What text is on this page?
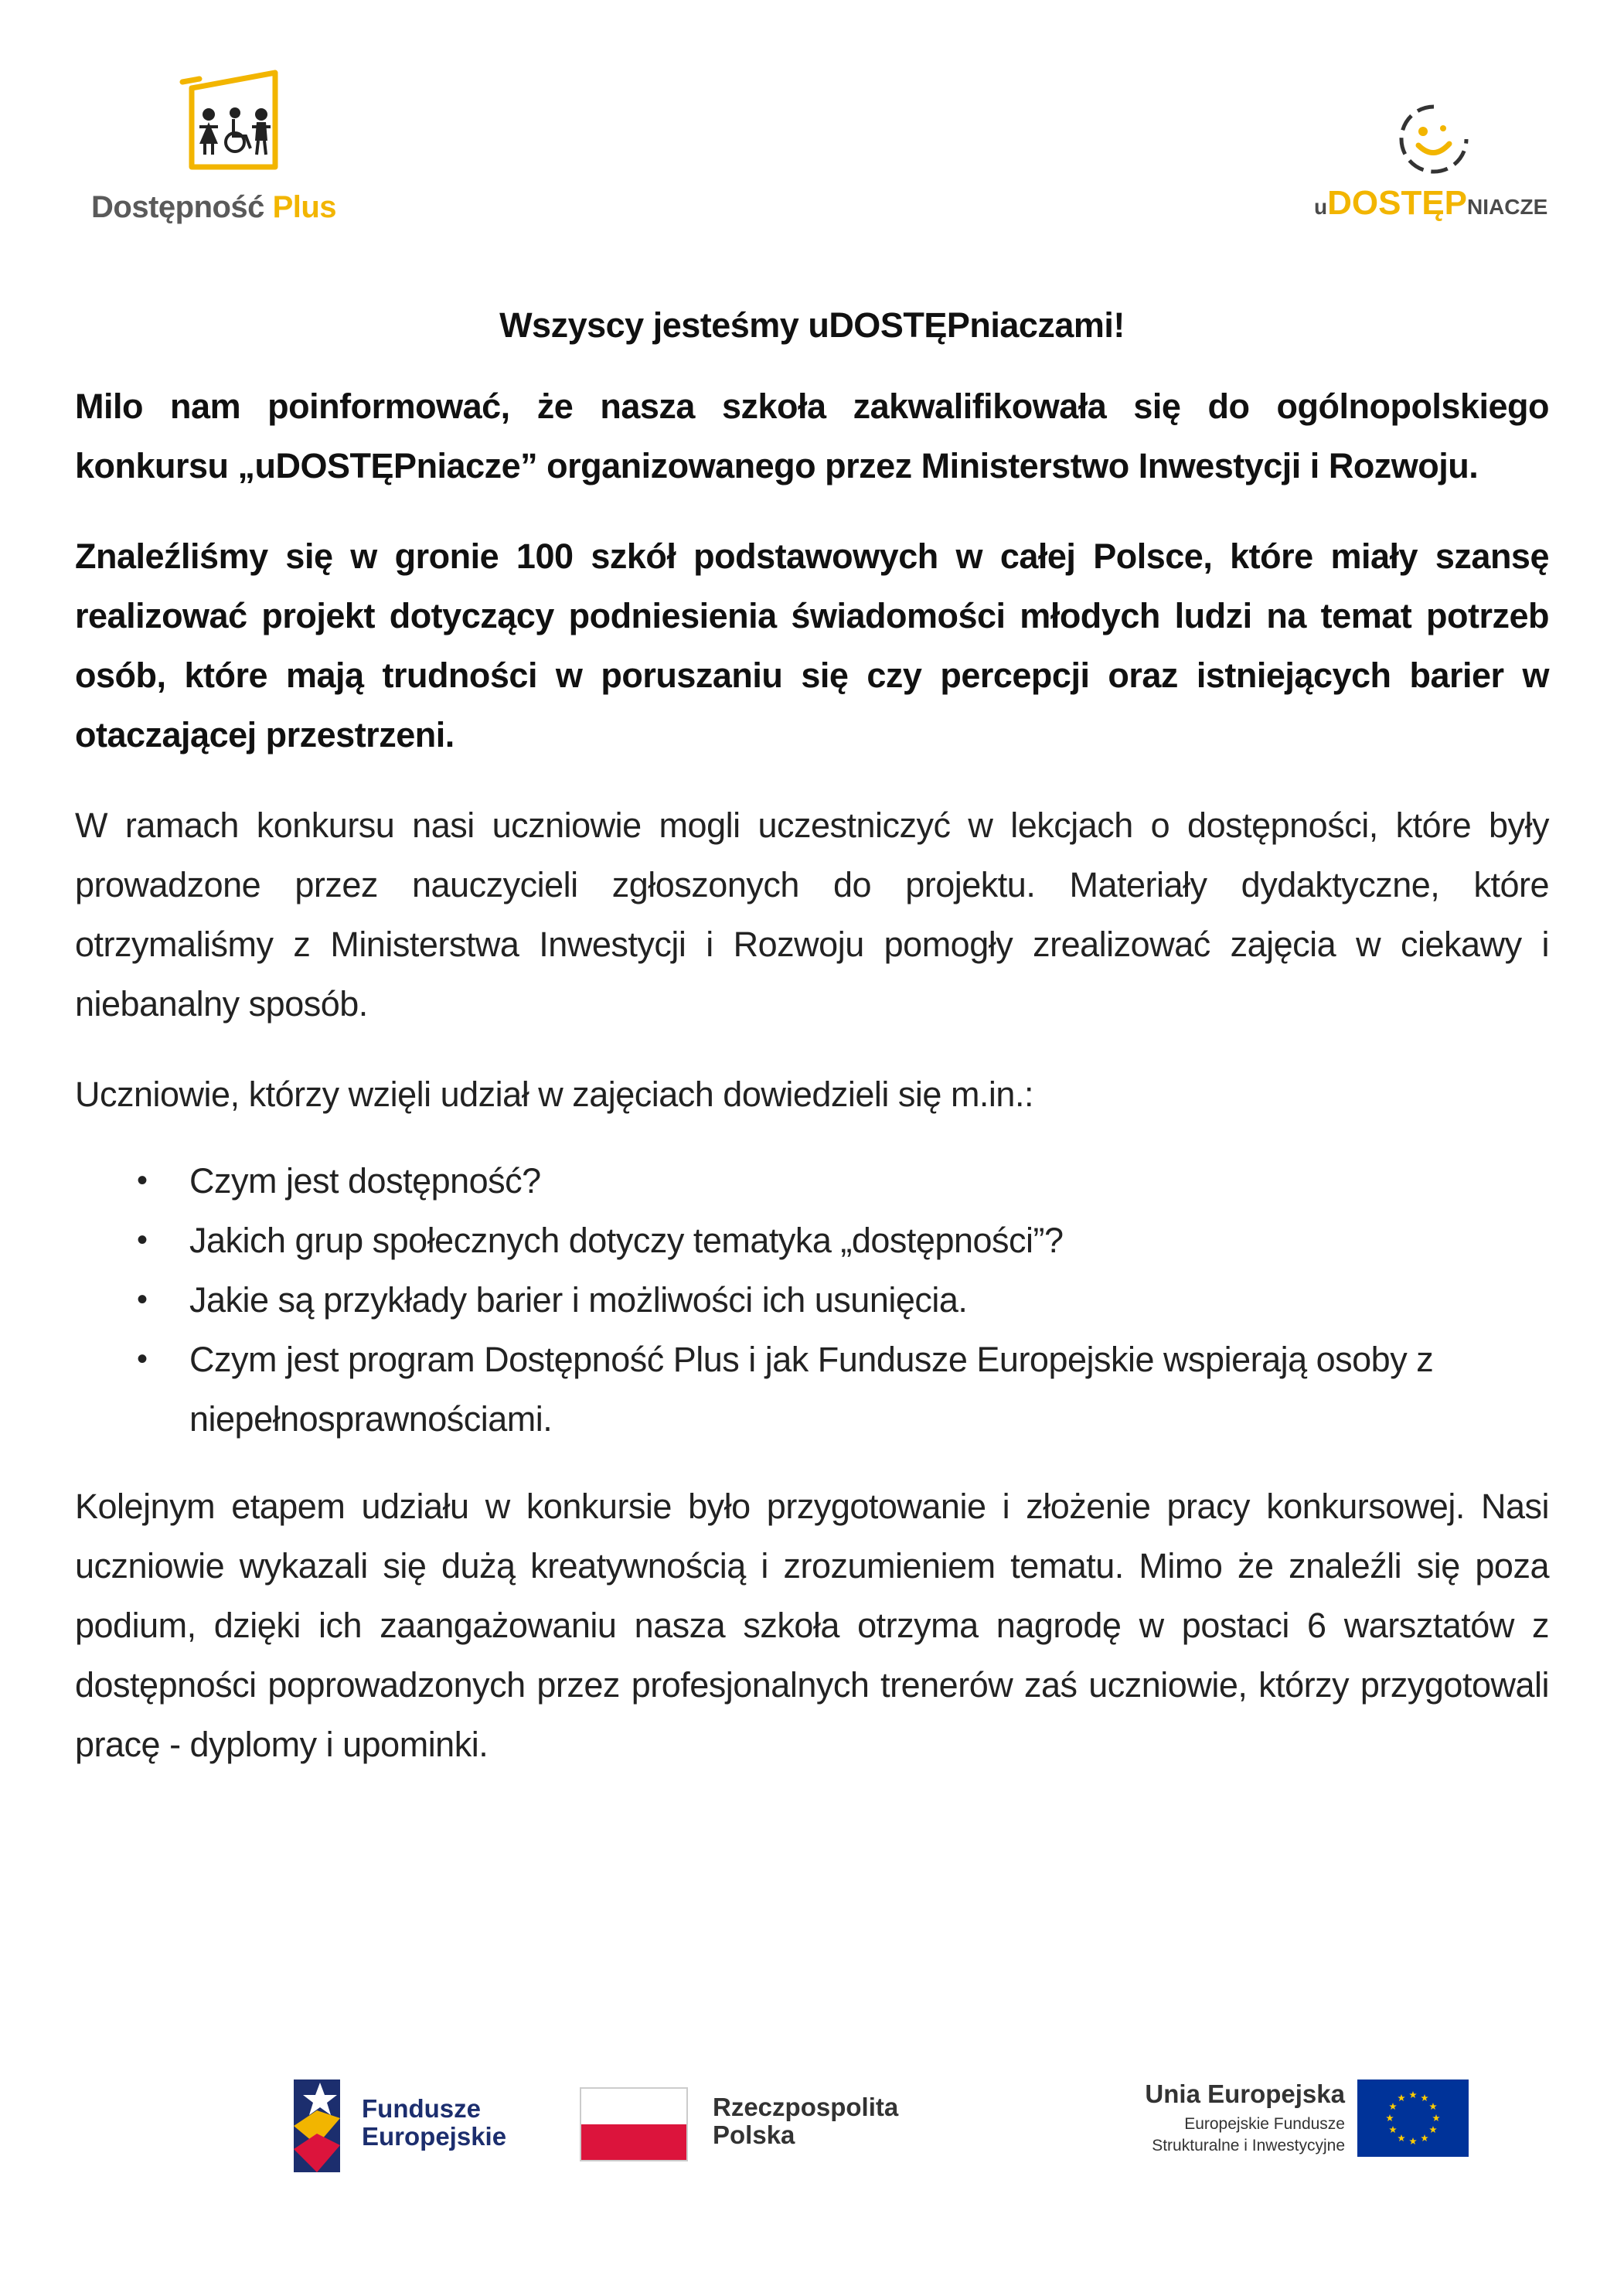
Dostępność Plus	uDOSTĘPNIACZE
Wszyscy jesteśmy uDOSTĘPniaczami!

Milo nam poinformować, że nasza szkoła zakwalifikowała się do ogólnopolskiego konkursu „uDOSTĘPniacze” organizowanego przez Ministerstwo Inwestycji i Rozwoju.

Znaleźliśmy się w gronie 100 szkół podstawowych w całej Polsce, które miały szansę realizować projekt dotyczący podniesienia świadomości młodych ludzi na temat potrzeb osób, które mają trudności w poruszaniu się czy percepcji oraz istniejących barier w otaczającej przestrzeni.

W ramach konkursu nasi uczniowie mogli uczestniczyć w lekcjach o dostępności, które były prowadzone przez nauczycieli zgłoszonych do projektu. Materiały dydaktyczne, które otrzymaliśmy z Ministerstwa Inwestycji i Rozwoju pomogły zrealizować zajęcia w ciekawy i niebanalny sposób.

Uczniowie, którzy wzięli udział w zajęciach dowiedzieli się m.in.:

• Czym jest dostępność?
• Jakich grup społecznych dotyczy tematyka „dostępności”?
• Jakie są przykłady barier i możliwości ich usunięcia.
• Czym jest program Dostępność Plus i jak Fundusze Europejskie wspierają osoby z niepełnosprawnościami.

Kolejnym etapem udziału w konkursie było przygotowanie i złożenie pracy konkursowej. Nasi uczniowie wykazali się dużą kreatywnością i zrozumieniem tematu. Mimo że znaleźli się poza podium, dzięki ich zaangażowaniu nasza szkoła otrzyma nagrodę w postaci 6 warsztatów z dostępności poprowadzonych przez profesjonalnych trenerów zaś uczniowie, którzy przygotowali pracę - dyplomy i upominki.

Fundusze
Europejskie
Rzeczpospolita
Polska
Unia Europejska
Europejskie Fundusze
Strukturalne i Inwestycyjne
